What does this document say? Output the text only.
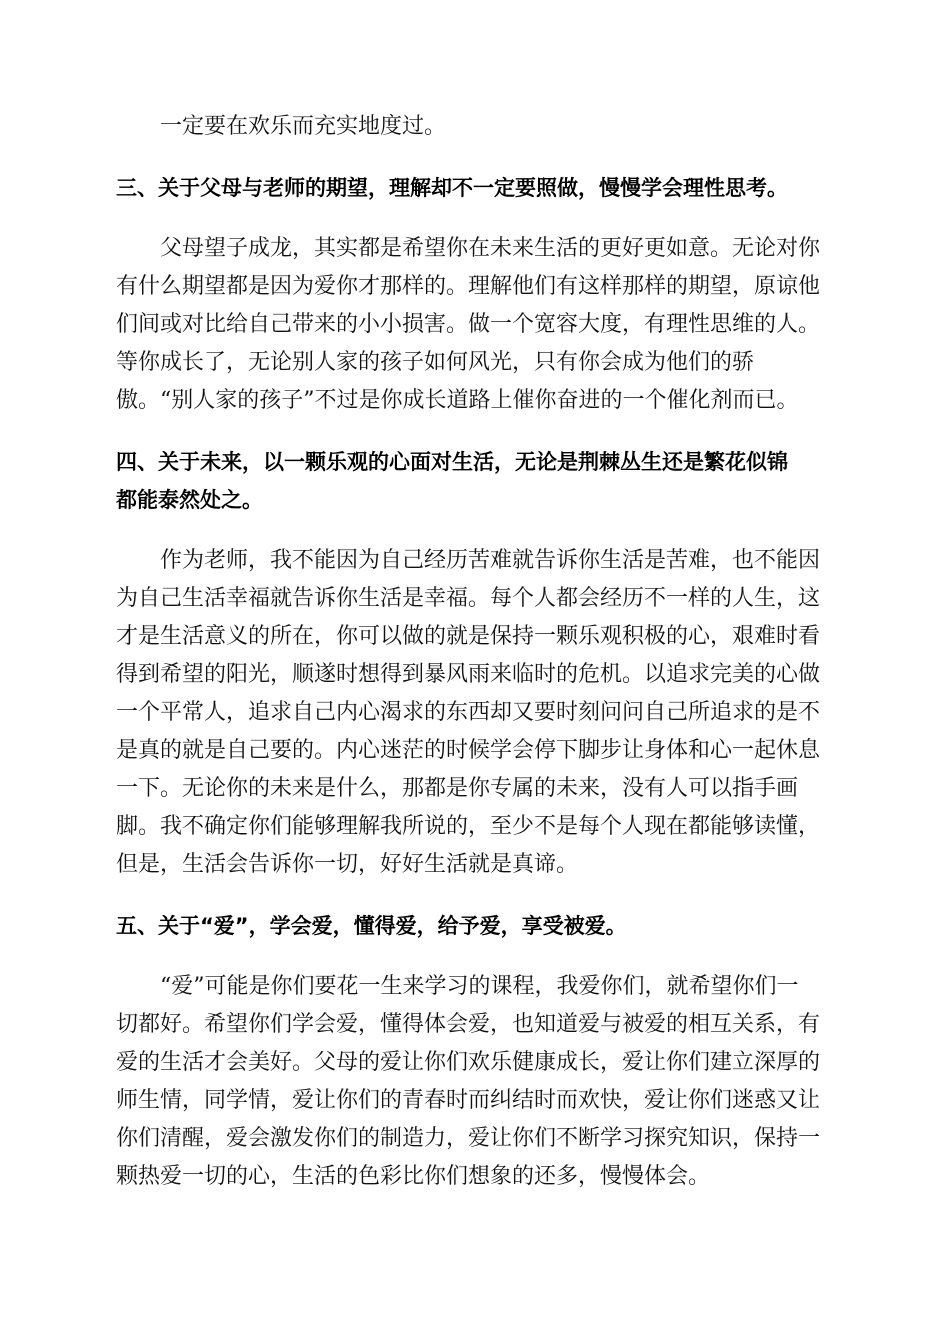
一定要在欢乐而充实地度过。

三、关于父母与老师的期望，理解却不一定要照做，慢慢学会理性思考。

父母望子成龙，其实都是希望你在未来生活的更好更如意。无论对你
有什么期望都是因为爱你才那样的。理解他们有这样那样的期望，原谅他
们间或对比给自己带来的小小损害。做一个宽容大度，有理性思维的人。
等你成长了，无论别人家的孩子如何风光，只有你会成为他们的骄
傲。“别人家的孩子”不过是你成长道路上催你奋进的一个催化剂而已。

四、关于未来，以一颗乐观的心面对生活，无论是荆棘丛生还是繁花似锦
都能泰然处之。

作为老师，我不能因为自己经历苦难就告诉你生活是苦难，也不能因
为自己生活幸福就告诉你生活是幸福。每个人都会经历不一样的人生，这
才是生活意义的所在，你可以做的就是保持一颗乐观积极的心，艰难时看
得到希望的阳光，顺遂时想得到暴风雨来临时的危机。以追求完美的心做
一个平常人，追求自己内心渴求的东西却又要时刻问问自己所追求的是不
是真的就是自己要的。内心迷茫的时候学会停下脚步让身体和心一起休息
一下。无论你的未来是什么，那都是你专属的未来，没有人可以指手画
脚。我不确定你们能够理解我所说的，至少不是每个人现在都能够读懂，
但是，生活会告诉你一切，好好生活就是真谛。

五、关于“爱”，学会爱，懂得爱，给予爱，享受被爱。

“爱”可能是你们要花一生来学习的课程，我爱你们，就希望你们一
切都好。希望你们学会爱，懂得体会爱，也知道爱与被爱的相互关系，有
爱的生活才会美好。父母的爱让你们欢乐健康成长，爱让你们建立深厚的
师生情，同学情，爱让你们的青春时而纠结时而欢快，爱让你们迷惑又让
你们清醒，爱会激发你们的制造力，爱让你们不断学习探究知识，保持一
颗热爱一切的心，生活的色彩比你们想象的还多，慢慢体会。
